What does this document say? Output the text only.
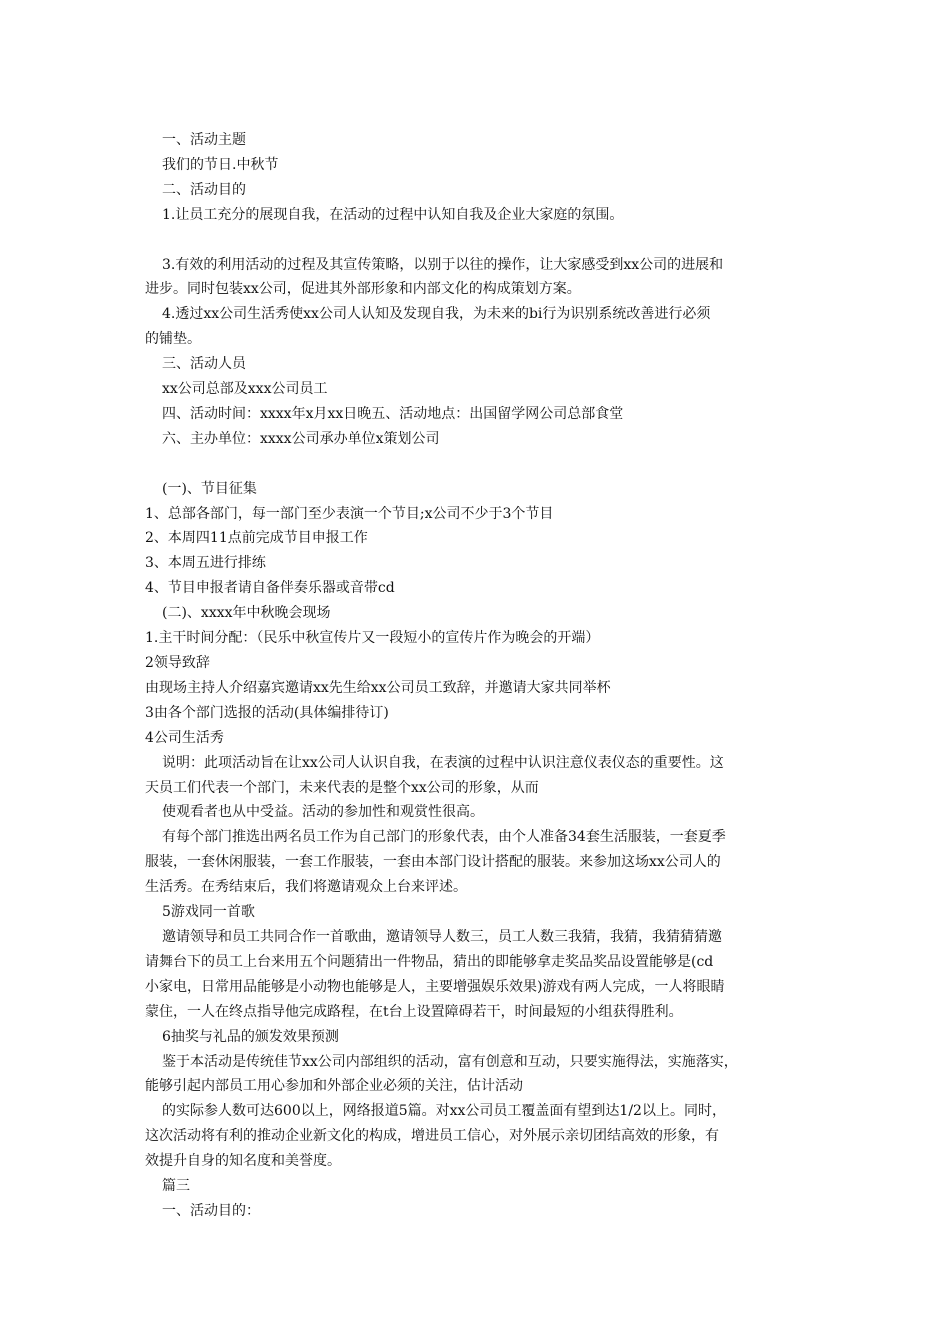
一、活动主题
我们的节日.中秋节
二、活动目的
1.让员工充分的展现自我，在活动的过程中认知自我及企业大家庭的氛围。
3.有效的利用活动的过程及其宣传策略，以别于以往的操作，让大家感受到xx公司的进展和
进步。同时包装xx公司，促进其外部形象和内部文化的构成策划方案。
4.透过xx公司生活秀使xx公司人认知及发现自我，为未来的bi行为识别系统改善进行必须
的铺垫。
三、活动人员
xx公司总部及xxx公司员工
四、活动时间：xxxx年x月xx日晚五、活动地点：出国留学网公司总部食堂
六、主办单位：xxxx公司承办单位x策划公司
(一)、节目征集
1、总部各部门，每一部门至少表演一个节目;x公司不少于3个节目
2、本周四11点前完成节目申报工作
3、本周五进行排练
4、节目申报者请自备伴奏乐器或音带cd
(二)、xxxx年中秋晚会现场
1.主干时间分配：（民乐中秋宣传片又一段短小的宣传片作为晚会的开端）
2领导致辞
由现场主持人介绍嘉宾邀请xx先生给xx公司员工致辞，并邀请大家共同举杯
3由各个部门选报的活动(具体编排待订)
4公司生活秀
说明：此项活动旨在让xx公司人认识自我，在表演的过程中认识注意仪表仪态的重要性。这
天员工们代表一个部门，未来代表的是整个xx公司的形象，从而
使观看者也从中受益。活动的参加性和观赏性很高。
有每个部门推选出两名员工作为自己部门的形象代表，由个人准备34套生活服装，一套夏季
服装，一套休闲服装，一套工作服装，一套由本部门设计搭配的服装。来参加这场xx公司人的
生活秀。在秀结束后，我们将邀请观众上台来评述。
5游戏同一首歌
邀请领导和员工共同合作一首歌曲，邀请领导人数三，员工人数三我猜，我猜，我猜猜猜邀
请舞台下的员工上台来用五个问题猜出一件物品，猜出的即能够拿走奖品奖品设置能够是(cd
小家电，日常用品能够是小动物也能够是人，主要增强娱乐效果)游戏有两人完成，一人将眼睛
蒙住，一人在终点指导他完成路程，在t台上设置障碍若干，时间最短的小组获得胜利。
6抽奖与礼品的颁发效果预测
鉴于本活动是传统佳节xx公司内部组织的活动，富有创意和互动，只要实施得法，实施落实，
能够引起内部员工用心参加和外部企业必须的关注，估计活动
的实际参人数可达600以上，网络报道5篇。对xx公司员工覆盖面有望到达1/2以上。同时，
这次活动将有利的推动企业新文化的构成，增进员工信心，对外展示亲切团结高效的形象，有
效提升自身的知名度和美誉度。
篇三
一、活动目的：
